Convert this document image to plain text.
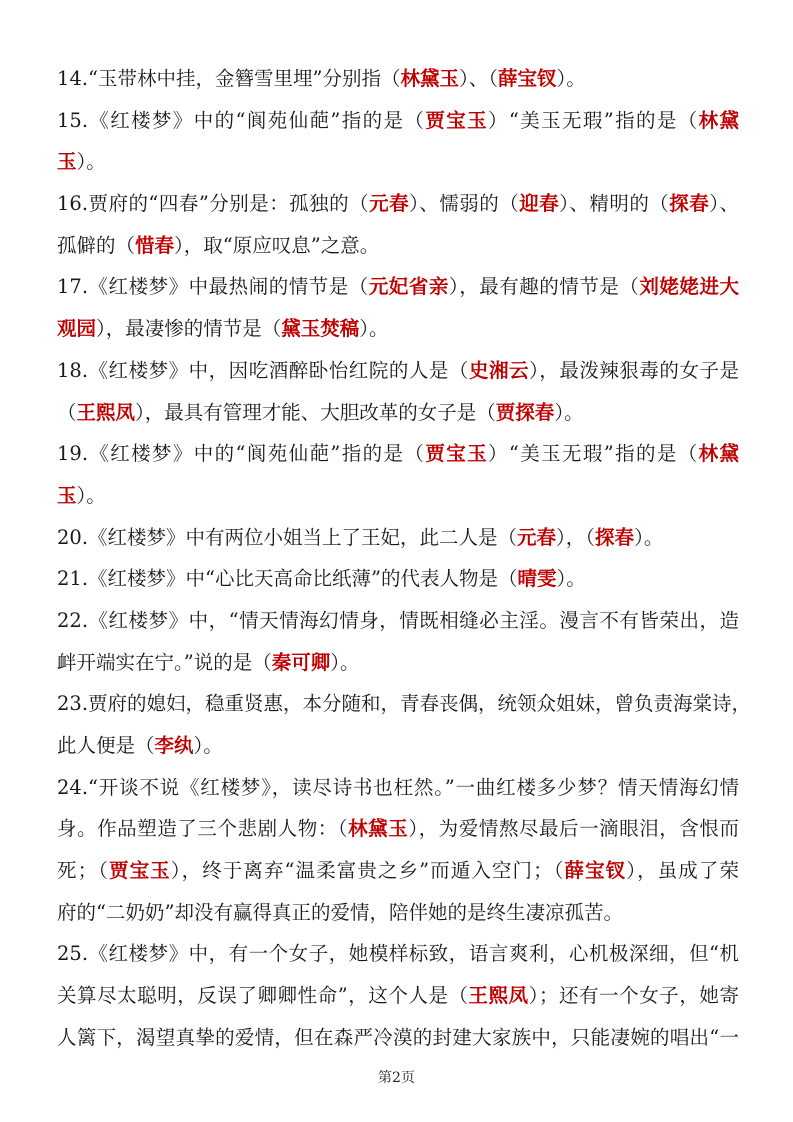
14.“玉带林中挂，金簪雪里埋”分别指（林黛玉）、（薛宝钗）。
15.《红楼梦》中的“阆苑仙葩”指的是（贾宝玉）“美玉无瑕”指的是（林黛
玉）。
16.贾府的“四春”分别是：孤独的（元春）、懦弱的（迎春）、精明的（探春）、
孤僻的（惜春），取“原应叹息”之意。
17.《红楼梦》中最热闹的情节是（元妃省亲），最有趣的情节是（刘姥姥进大
观园），最凄惨的情节是（黛玉焚稿）。
18.《红楼梦》中，因吃酒醉卧怡红院的人是（史湘云），最泼辣狠毒的女子是
（王熙凤），最具有管理才能、大胆改革的女子是（贾探春）。
19.《红楼梦》中的“阆苑仙葩”指的是（贾宝玉）“美玉无瑕”指的是（林黛
玉）。
20.《红楼梦》中有两位小姐当上了王妃，此二人是（元春），（探春）。
21.《红楼梦》中“心比天高命比纸薄”的代表人物是（晴雯）。
22.《红楼梦》中，“情天情海幻情身，情既相缝必主淫。漫言不有皆荣出，造
衅开端实在宁。”说的是（秦可卿）。
23.贾府的媳妇，稳重贤惠，本分随和，青春丧偶，统领众姐妹，曾负责海棠诗，
此人便是（李纨）。
24.“开谈不说《红楼梦》，读尽诗书也枉然。”一曲红楼多少梦？情天情海幻情
身。作品塑造了三个悲剧人物：（林黛玉），为爱情熬尽最后一滴眼泪，含恨而
死；（贾宝玉），终于离弃“温柔富贵之乡”而遁入空门；（薛宝钗），虽成了荣
府的“二奶奶”却没有赢得真正的爱情，陪伴她的是终生凄凉孤苦。
25.《红楼梦》中，有一个女子，她模样标致，语言爽利，心机极深细，但“机
关算尽太聪明，反误了卿卿性命”，这个人是（王熙凤）；还有一个女子，她寄
人篱下，渴望真挚的爱情，但在森严冷漠的封建大家族中，只能凄婉的唱出“一
第2页
